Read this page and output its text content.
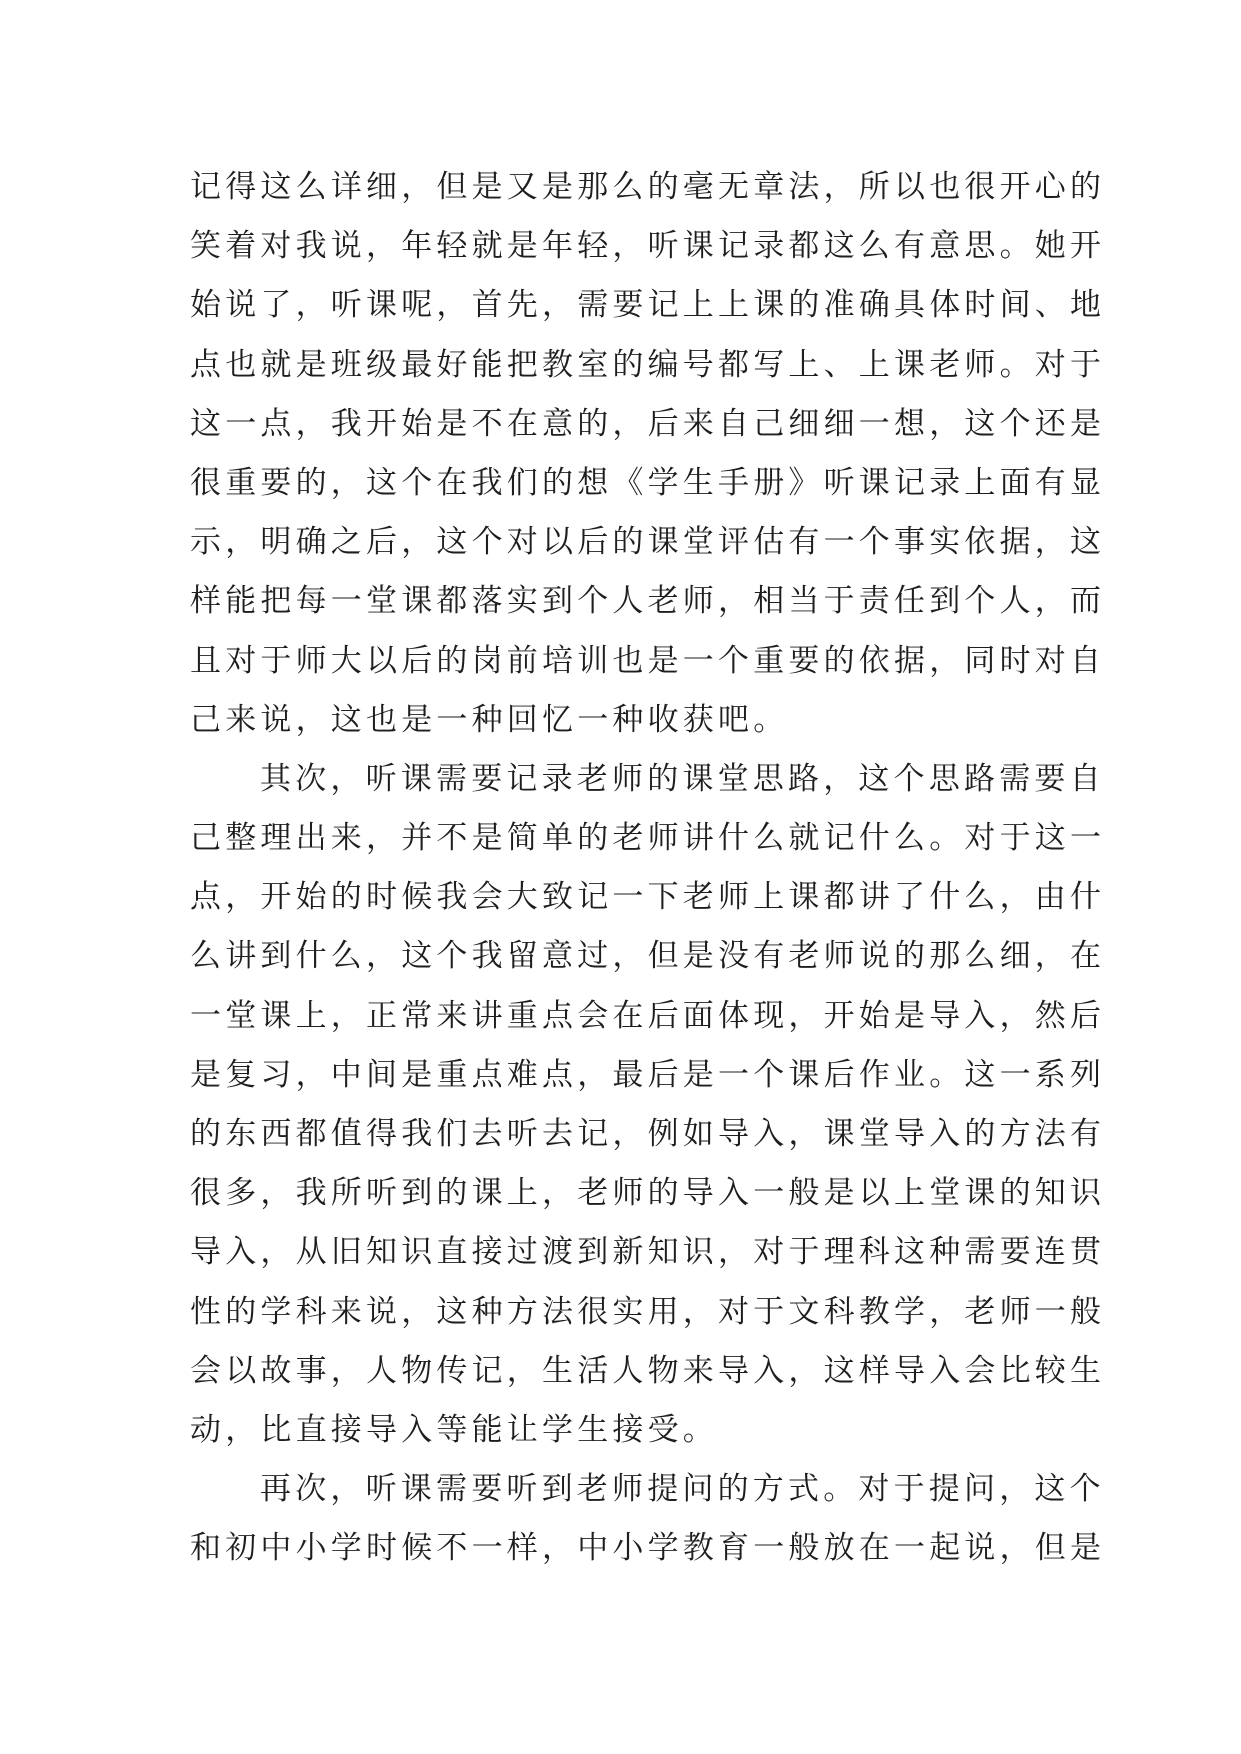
记得这么详细，但是又是那么的毫无章法，所以也很开心的
笑着对我说，年轻就是年轻，听课记录都这么有意思。她开
始说了，听课呢，首先，需要记上上课的准确具体时间、地
点也就是班级最好能把教室的编号都写上、上课老师。对于
这一点，我开始是不在意的，后来自己细细一想，这个还是
很重要的，这个在我们的想《学生手册》听课记录上面有显
示，明确之后，这个对以后的课堂评估有一个事实依据，这
样能把每一堂课都落实到个人老师，相当于责任到个人，而
且对于师大以后的岗前培训也是一个重要的依据，同时对自
己来说，这也是一种回忆一种收获吧。
其次，听课需要记录老师的课堂思路，这个思路需要自
己整理出来，并不是简单的老师讲什么就记什么。对于这一
点，开始的时候我会大致记一下老师上课都讲了什么，由什
么讲到什么，这个我留意过，但是没有老师说的那么细，在
一堂课上，正常来讲重点会在后面体现，开始是导入，然后
是复习，中间是重点难点，最后是一个课后作业。这一系列
的东西都值得我们去听去记，例如导入，课堂导入的方法有
很多，我所听到的课上，老师的导入一般是以上堂课的知识
导入，从旧知识直接过渡到新知识，对于理科这种需要连贯
性的学科来说，这种方法很实用，对于文科教学，老师一般
会以故事，人物传记，生活人物来导入，这样导入会比较生
动，比直接导入等能让学生接受。
再次，听课需要听到老师提问的方式。对于提问，这个
和初中小学时候不一样，中小学教育一般放在一起说，但是
